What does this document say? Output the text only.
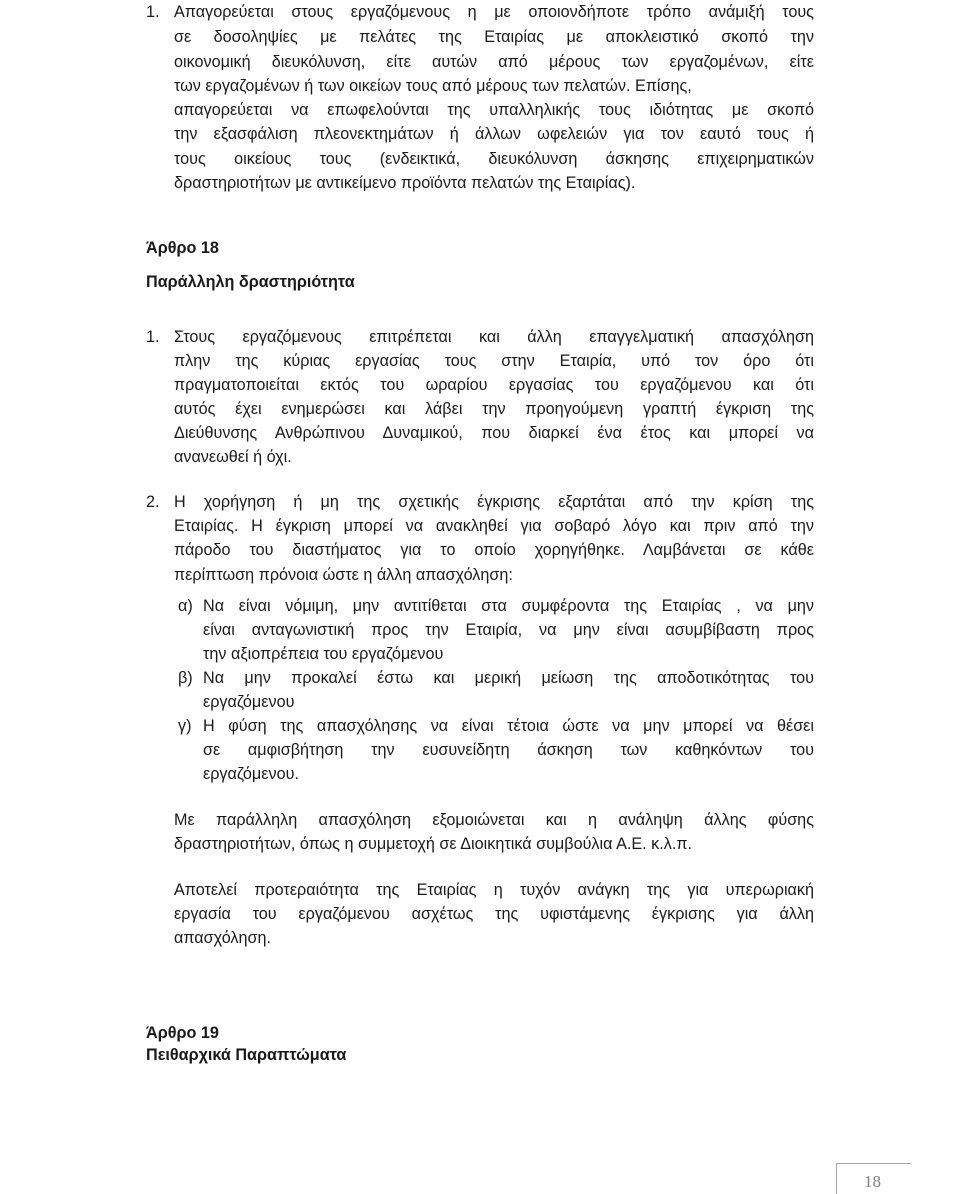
1. Απαγορεύεται στους εργαζόμενους η με οποιονδήποτε τρόπο ανάμιξή τους
σε δοσοληψίες με πελάτες της Εταιρίας με αποκλειστικό σκοπό την
οικονομική διευκόλυνση, είτε αυτών από μέρους των εργαζομένων, είτε
των εργαζομένων ή των οικείων τους από μέρους των πελατών. Επίσης,
απαγορεύεται να επωφελούνται της υπαλληλικής τους ιδιότητας με σκοπό
την εξασφάλιση πλεονεκτημάτων ή άλλων ωφελειών για τον εαυτό τους ή
τους οικείους τους (ενδεικτικά, διευκόλυνση άσκησης επιχειρηματικών
δραστηριοτήτων με αντικείμενο προϊόντα πελατών της Εταιρίας).
Άρθρο 18
Παράλληλη δραστηριότητα
1. Στους εργαζόμενους επιτρέπεται και άλλη επαγγελματική απασχόληση
πλην της κύριας εργασίας τους στην Εταιρία, υπό τον όρο ότι
πραγματοποιείται εκτός του ωραρίου εργασίας του εργαζόμενου και ότι
αυτός έχει ενημερώσει και λάβει την προηγούμενη γραπτή έγκριση της
Διεύθυνσης Ανθρώπινου Δυναμικού, που διαρκεί ένα έτος και μπορεί να
ανανεωθεί ή όχι.
2. Η χορήγηση ή μη της σχετικής έγκρισης εξαρτάται από την κρίση της
Εταιρίας. Η έγκριση μπορεί να ανακληθεί για σοβαρό λόγο και πριν από την
πάροδο του διαστήματος για το οποίο χορηγήθηκε. Λαμβάνεται σε κάθε
περίπτωση πρόνοια ώστε η άλλη απασχόληση:
α) Να είναι νόμιμη, μην αντιτίθεται στα συμφέροντα της Εταιρίας , να μην
είναι ανταγωνιστική προς την Εταιρία, να μην είναι ασυμβίβαστη προς
την αξιοπρέπεια του εργαζόμενου
β) Να μην προκαλεί έστω και μερική μείωση της αποδοτικότητας του
εργαζόμενου
γ) Η φύση της απασχόλησης να είναι τέτοια ώστε να μην μπορεί να θέσει
σε αμφισβήτηση την ευσυνείδητη άσκηση των καθηκόντων του
εργαζόμενου.
Με παράλληλη απασχόληση εξομοιώνεται και η ανάληψη άλλης φύσης
δραστηριοτήτων, όπως η συμμετοχή σε Διοικητικά συμβούλια Α.Ε. κ.λ.π.
Αποτελεί προτεραιότητα της Εταιρίας η τυχόν ανάγκη της για υπερωριακή
εργασία του εργαζόμενου ασχέτως της υφιστάμενης έγκρισης για άλλη
απασχόληση.
Άρθρο 19
Πειθαρχικά Παραπτώματα
18
